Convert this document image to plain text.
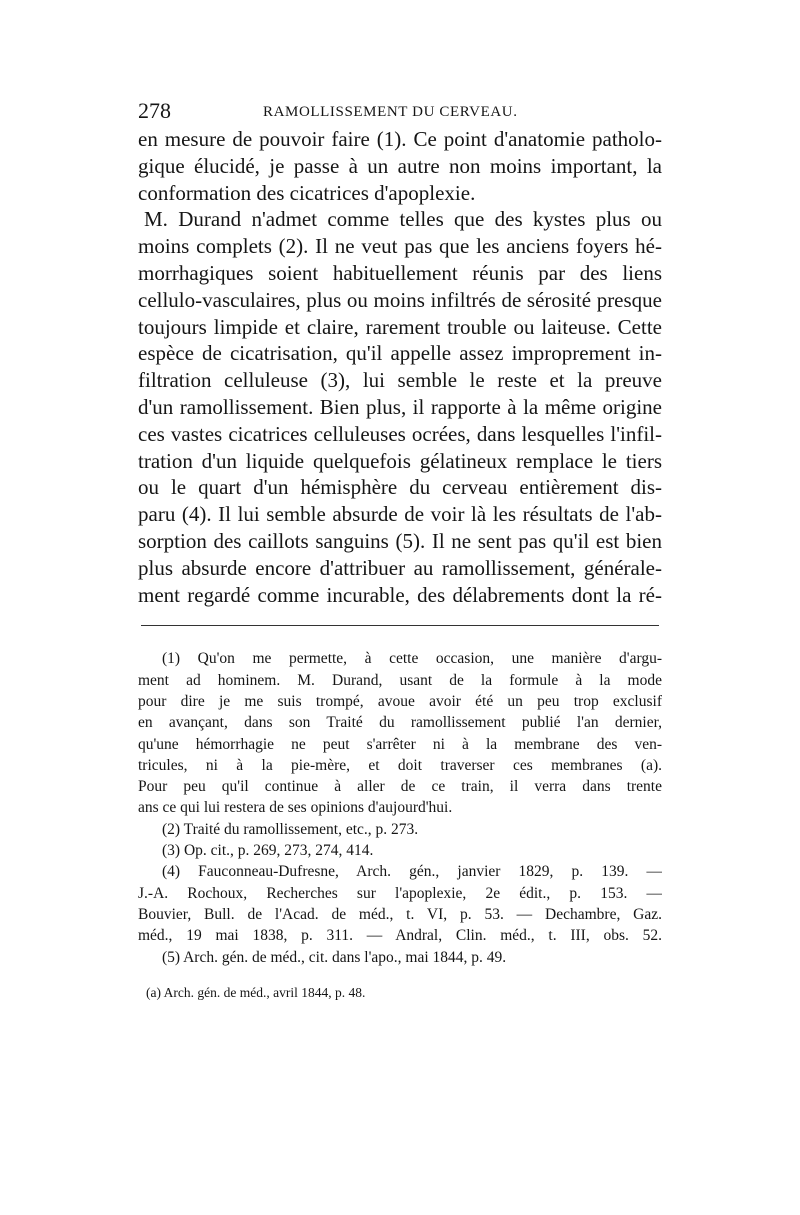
278	RAMOLLISSEMENT DU CERVEAU.
en mesure de pouvoir faire (1). Ce point d'anatomie patholo-
gique élucidé, je passe à un autre non moins important, la
conformation des cicatrices d'apoplexie.
M. Durand n'admet comme telles que des kystes plus ou
moins complets (2). Il ne veut pas que les anciens foyers hé-
morrhagiques soient habituellement réunis par des liens
cellulo-vasculaires, plus ou moins infiltrés de sérosité presque
toujours limpide et claire, rarement trouble ou laiteuse. Cette
espèce de cicatrisation, qu'il appelle assez improprement in-
filtration celluleuse (3), lui semble le reste et la preuve
d'un ramollissement. Bien plus, il rapporte à la même origine
ces vastes cicatrices celluleuses ocrées, dans lesquelles l'infil-
tration d'un liquide quelquefois gélatineux remplace le tiers
ou le quart d'un hémisphère du cerveau entièrement dis-
paru (4). Il lui semble absurde de voir là les résultats de l'ab-
sorption des caillots sanguins (5). Il ne sent pas qu'il est bien
plus absurde encore d'attribuer au ramollissement, générale-
ment regardé comme incurable, des délabrements dont la ré-
(1) Qu'on me permette, à cette occasion, une manière d'argu-
ment ad hominem. M. Durand, usant de la formule à la mode
pour dire je me suis trompé, avoue avoir été un peu trop exclusif
en avançant, dans son Traité du ramollissement publié l'an dernier,
qu'une hémorrhagie ne peut s'arrêter ni à la membrane des ven-
tricules, ni à la pie-mère, et doit traverser ces membranes (a).
Pour peu qu'il continue à aller de ce train, il verra dans trente
ans ce qui lui restera de ses opinions d'aujourd'hui.
(2) Traité du ramollissement, etc., p. 273.
(3) Op. cit., p. 269, 273, 274, 414.
(4) Fauconneau-Dufresne, Arch. gén., janvier 1829, p. 139. —
J.-A. Rochoux, Recherches sur l'apoplexie, 2e édit., p. 153. —
Bouvier, Bull. de l'Acad. de méd., t. VI, p. 53. — Dechambre, Gaz.
méd., 19 mai 1838, p. 311. — Andral, Clin. méd., t. III, obs. 52.
(5) Arch. gén. de méd., cit. dans l'apo., mai 1844, p. 49.
(a) Arch. gén. de méd., avril 1844, p. 48.
